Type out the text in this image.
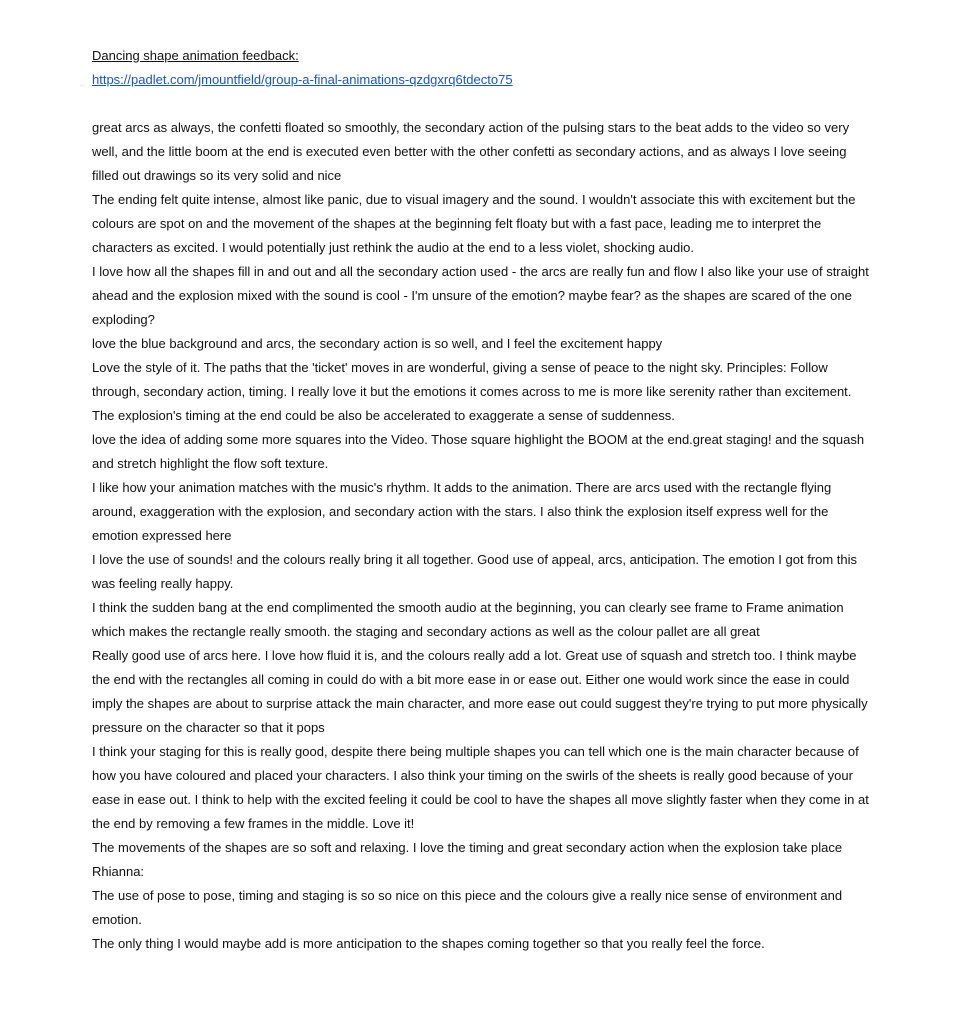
Dancing shape animation feedback:

https://padlet.com/jmountfield/group-a-final-animations-qzdgxrq6tdecto75

great arcs as always, the confetti floated so smoothly, the secondary action of the pulsing stars to the beat adds to the video so very well, and the little boom at the end is executed even better with the other confetti as secondary actions, and as always I love seeing filled out drawings so its very solid and nice

The ending felt quite intense, almost like panic, due to visual imagery and the sound. I wouldn't associate this with excitement but the colours are spot on and the movement of the shapes at the beginning felt floaty but with a fast pace, leading me to interpret the characters as excited. I would potentially just rethink the audio at the end to a less violet, shocking audio.

I love how all the shapes fill in and out and all the secondary action used - the arcs are really fun and flow I also like your use of straight ahead and the explosion mixed with the sound is cool - I'm unsure of the emotion? maybe fear? as the shapes are scared of the one exploding?

love the blue background and arcs, the secondary action is so well, and I feel the excitement happy

Love the style of it. The paths that the 'ticket' moves in are wonderful, giving a sense of peace to the night sky. Principles: Follow through, secondary action, timing. I really love it but the emotions it comes across to me is more like serenity rather than excitement. The explosion's timing at the end could be also be accelerated to exaggerate a sense of suddenness.

love the idea of adding some more squares into the Video. Those square highlight the BOOM at the end.great staging! and the squash and stretch highlight the flow soft texture.

I like how your animation matches with the music's rhythm. It adds to the animation. There are arcs used with the rectangle flying around, exaggeration with the explosion, and secondary action with the stars. I also think the explosion itself express well for the emotion expressed here

I love the use of sounds! and the colours really bring it all together. Good use of appeal, arcs, anticipation. The emotion I got from this was feeling really happy.

I think the sudden bang at the end complimented the smooth audio at the beginning, you can clearly see frame to Frame animation which makes the rectangle really smooth. the staging and secondary actions as well as the colour pallet are all great

Really good use of arcs here. I love how fluid it is, and the colours really add a lot. Great use of squash and stretch too. I think maybe the end with the rectangles all coming in could do with a bit more ease in or ease out. Either one would work since the ease in could imply the shapes are about to surprise attack the main character, and more ease out could suggest they're trying to put more physically pressure on the character so that it pops

I think your staging for this is really good, despite there being multiple shapes you can tell which one is the main character because of how you have coloured and placed your characters. I also think your timing on the swirls of the sheets is really good because of your ease in ease out. I think to help with the excited feeling it could be cool to have the shapes all move slightly faster when they come in at the end by removing a few frames in the middle. Love it!

The movements of the shapes are so soft and relaxing. I love the timing and great secondary action when the explosion take place

Rhianna:

The use of pose to pose, timing and staging is so so nice on this piece and the colours give a really nice sense of environment and emotion.

The only thing I would maybe add is more anticipation to the shapes coming together so that you really feel the force.
